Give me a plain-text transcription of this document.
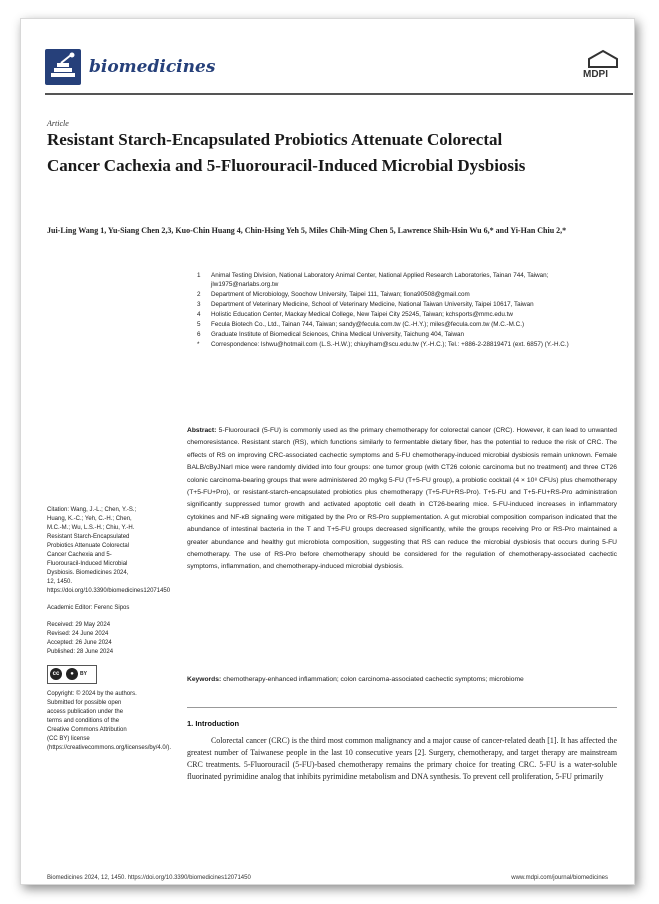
biomedicines	MDPI
Article
Resistant Starch-Encapsulated Probiotics Attenuate Colorectal Cancer Cachexia and 5-Fluorouracil-Induced Microbial Dysbiosis
Jui-Ling Wang 1, Yu-Siang Chen 2,3, Kuo-Chin Huang 4, Chin-Hsing Yeh 5, Miles Chih-Ming Chen 5, Lawrence Shih-Hsin Wu 6,* and Yi-Han Chiu 2,*
1 Animal Testing Division, National Laboratory Animal Center, National Applied Research Laboratories, Tainan 744, Taiwan; jlw1975@narlabs.org.tw
2 Department of Microbiology, Soochow University, Taipei 111, Taiwan; fiona90508@gmail.com
3 Department of Veterinary Medicine, School of Veterinary Medicine, National Taiwan University, Taipei 10617, Taiwan
4 Holistic Education Center, Mackay Medical College, New Taipei City 25245, Taiwan; kchsports@mmc.edu.tw
5 Fecula Biotech Co., Ltd., Tainan 744, Taiwan; sandy@fecula.com.tw (C.-H.Y.); miles@fecula.com.tw (M.C.-M.C.)
6 Graduate Institute of Biomedical Sciences, China Medical University, Taichung 404, Taiwan
* Correspondence: lshwu@hotmail.com (L.S.-H.W.); chiuyiham@scu.edu.tw (Y.-H.C.); Tel.: +886-2-28819471 (ext. 6857) (Y.-H.C.)
Citation: Wang, J.-L.; Chen, Y.-S.; Huang, K.-C.; Yeh, C.-H.; Chen, M.C.-M.; Wu, L.S.-H.; Chiu, Y.-H. Resistant Starch-Encapsulated Probiotics Attenuate Colorectal Cancer Cachexia and 5-Fluorouracil-Induced Microbial Dysbiosis. Biomedicines 2024, 12, 1450. https://doi.org/10.3390/biomedicines12071450
Academic Editor: Ferenc Sipos
Received: 29 May 2024
Revised: 24 June 2024
Accepted: 26 June 2024
Published: 28 June 2024
cc	●	BY
Copyright: © 2024 by the authors. Submitted for possible open access publication under the terms and conditions of the Creative Commons Attribution (CC BY) license (https://creativecommons.org/licenses/by/4.0/).
Abstract: 5-Fluorouracil (5-FU) is commonly used as the primary chemotherapy for colorectal cancer (CRC). However, it can lead to unwanted chemoresistance. Resistant starch (RS), which functions similarly to fermentable dietary fiber, has the potential to reduce the risk of CRC. The effects of RS on improving CRC-associated cachectic symptoms and 5-FU chemotherapy-induced microbial dysbiosis remain unknown. Female BALB/cByJNarl mice were randomly divided into four groups: one tumor group (with CT26 colonic carcinoma but no treatment) and three CT26 colonic carcinoma-bearing groups that were administered 20 mg/kg 5-FU (T+5-FU group), a probiotic cocktail (4 × 10⁸ CFUs) plus chemotherapy (T+5-FU+Pro), or resistant-starch-encapsulated probiotics plus chemotherapy (T+5-FU+RS-Pro). T+5-FU and T+5-FU+RS-Pro administration significantly suppressed tumor growth and activated apoptotic cell death in CT26-bearing mice. 5-FU-induced increases in inflammatory cytokines and NF-κB signaling were mitigated by the Pro or RS-Pro supplementation. A gut microbial composition comparison indicated that the abundance of intestinal bacteria in the T and T+5-FU groups decreased significantly, while the groups receiving Pro or RS-Pro maintained a greater abundance and healthy gut microbiota composition, suggesting that RS can reduce the microbial dysbiosis that occurs during 5-FU chemotherapy. The use of RS-Pro before chemotherapy should be considered for the regulation of chemotherapy-associated cachectic symptoms, inflammation, and chemotherapy-induced microbial dysbiosis.
Keywords: chemotherapy-enhanced inflammation; colon carcinoma-associated cachectic symptoms; microbiome
1. Introduction
Colorectal cancer (CRC) is the third most common malignancy and a major cause of cancer-related death [1]. It has affected the greatest number of Taiwanese people in the last 10 consecutive years [2]. Surgery, chemotherapy, and target therapy are mainstream CRC treatments. 5-Fluorouracil (5-FU)-based chemotherapy remains the primary choice for treating CRC. 5-FU is a water-soluble fluorinated pyrimidine analog that inhibits pyrimidine metabolism and DNA synthesis. To prevent cell proliferation, 5-FU primarily
Biomedicines 2024, 12, 1450. https://doi.org/10.3390/biomedicines12071450	www.mdpi.com/journal/biomedicines
